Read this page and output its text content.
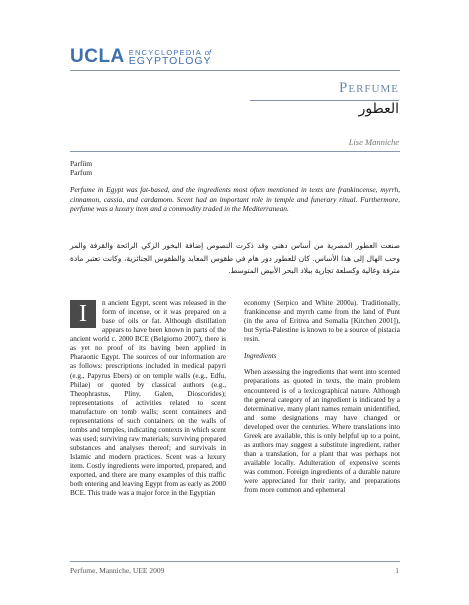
UCLA ENCYCLOPEDIA of
EGYPTOLOGY
Perfume
العطور
Lise Manniche
Parfüm
Parfum
Perfume in Egypt was fat-based, and the ingredients most often mentioned in texts are frankincense, myrrh, cinnamon, cassia, and cardamom. Scent had an important role in temple and funerary ritual. Furthermore, perfume was a luxury item and a commodity traded in the Mediterranean.
صنعت العطور المصرية من أساس دهني وقد ذكرت النصوص إضافة البخور الزكي الرائحة والقرفة والمر وحب الهال إلى هذا الأساس. كان للعطور دور هام في طقوس المعابد والطقوس الجنائزية، وكانت تعتبر مادة مترفة وغالية وكسلعة تجارية ببلاد البحر الأبيض المتوسط.
I	n ancient Egypt, scent was released in the form of incense, or it was prepared on a base of oils or fat. Although distillation appears to have been known in parts of the ancient world c. 2000 BCE (Belgiorno 2007), there is as yet no proof of its having been applied in Pharaonic Egypt. The sources of our information are as follows: prescriptions included in medical papyri (e.g., Papyrus Ebers) or on temple walls (e.g., Edfu, Philae) or quoted by classical authors (e.g., Theophrastus, Pliny, Galen, Dioscorides); representations of activities related to scent manufacture on tomb walls; scent containers and representations of such containers on the walls of tombs and temples, indicating contexts in which scent was used; surviving raw materials; surviving prepared substances and analyses thereof; and survivals in Islamic and modern practices. Scent was a luxury item. Costly ingredients were imported, prepared, and exported, and there are many examples of this traffic both entering and leaving Egypt from as early as 2000 BCE. This trade was a major force in the Egyptian

economy (Serpico and White 2000a). Traditionally, frankincense and myrrh came from the land of Punt (in the area of Eritrea and Somalia [Kitchen 2001]), but Syria-Palestine is known to be a source of pistacia resin.

Ingredients

When assessing the ingredients that went into scented preparations as quoted in texts, the main problem encountered is of a lexicographical nature. Although the general category of an ingredient is indicated by a determinative, many plant names remain unidentified, and some designations may have changed or developed over the centuries. Where translations into Greek are available, this is only helpful up to a point, as authors may suggest a substitute ingredient, rather than a translation, for a plant that was perhaps not available locally. Adulteration of expensive scents was common. Foreign ingredients of a durable nature were appreciated for their rarity, and preparations from more common and ephemeral

Perfume, Manniche, UEE 2009	1
